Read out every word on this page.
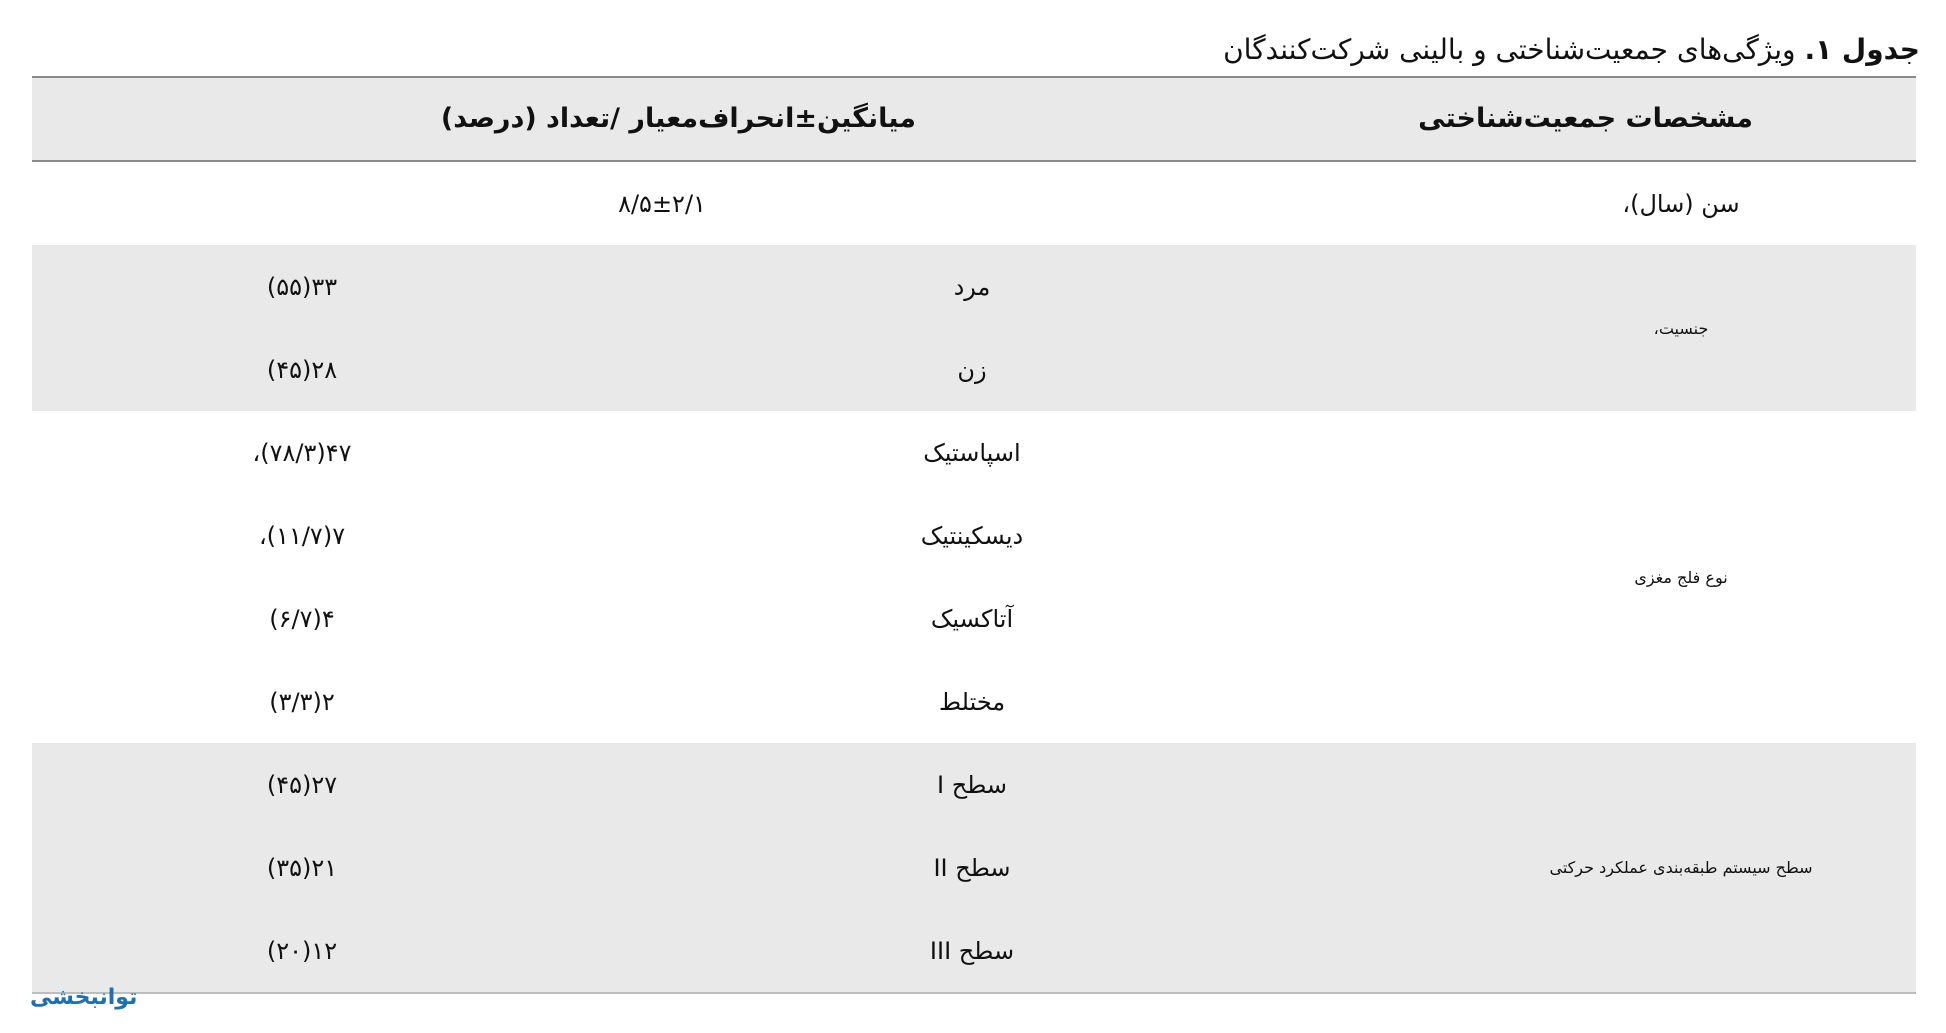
جدول ۱. ویژگی‌های جمعیت‌شناختی و بالینی شرکت‌کنندگان
مشخصات جمعیت‌شناختی
میانگین±انحراف‌معیار /تعداد (درصد)
سن (سال)،
۸/۵±۲/۱
جنسیت،
مرد
۳۳(۵۵)
زن
۲۸(۴۵)
نوع فلج مغزی
اسپاستیک
۴۷(۷۸/۳)،
دیسکینتیک
۷(۱۱/۷)،
آتاکسیک
۴(۶/۷)
مختلط
۲(۳/۳)
سطح سیستم طبقه‌بندی عملکرد حرکتی
سطح I
۲۷(۴۵)
سطح II
۲۱(۳۵)
سطح III
۱۲(۲۰)
توانبخشی
